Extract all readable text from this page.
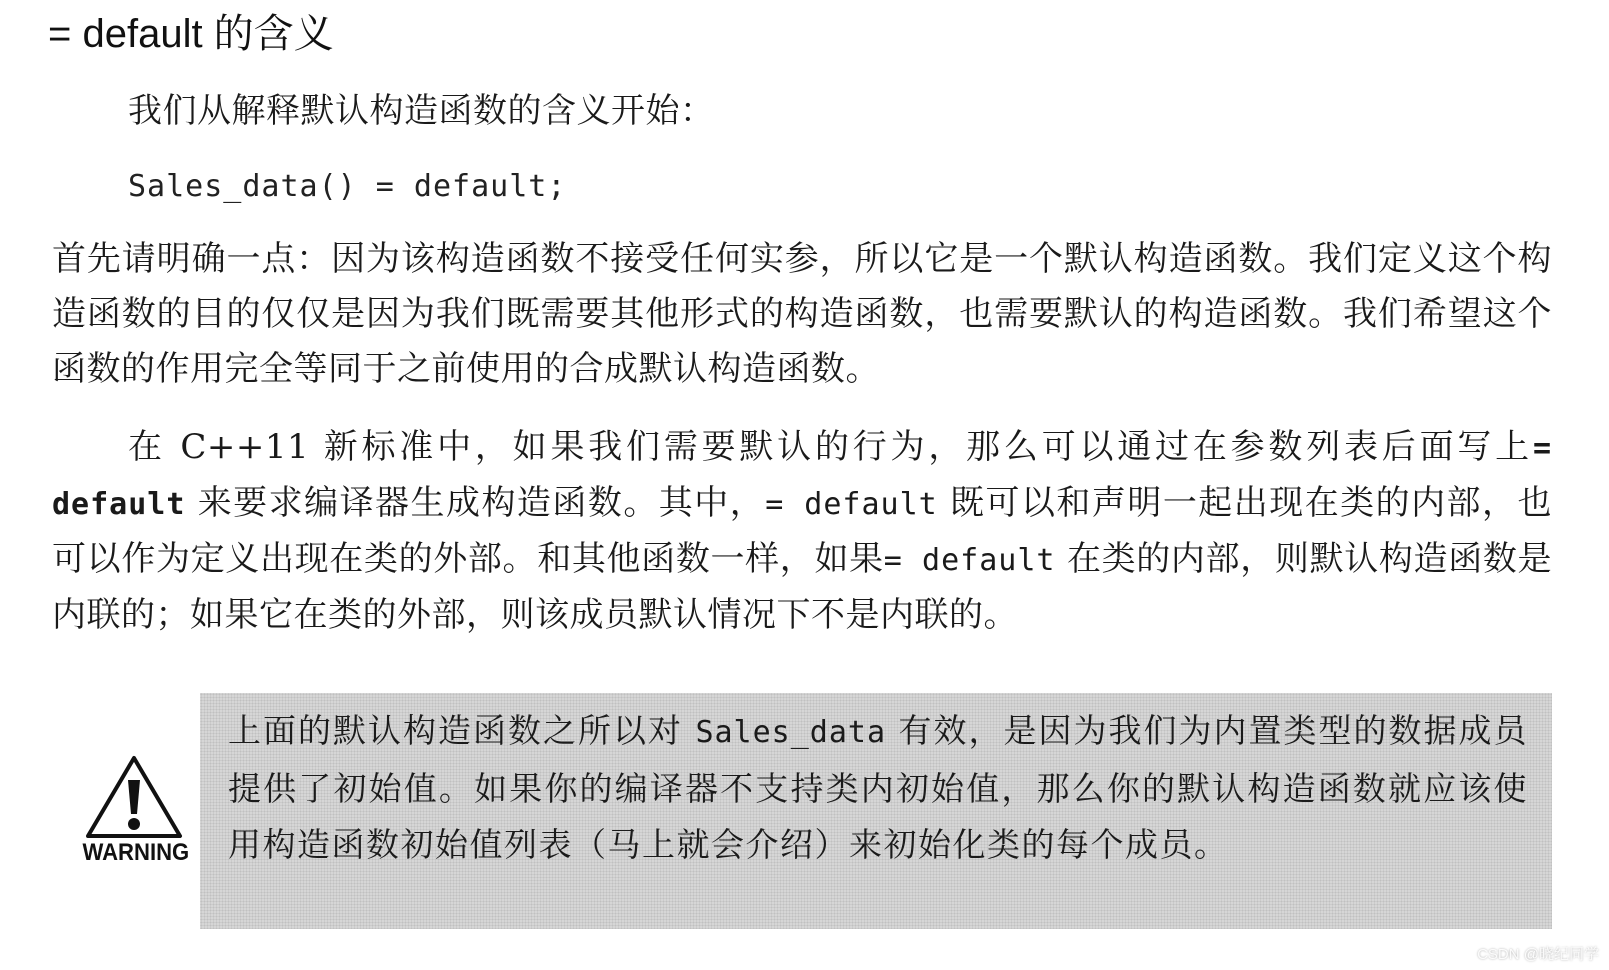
= default 的含义
我们从解释默认构造函数的含义开始：
Sales_data() = default;
首先请明确一点：因为该构造函数不接受任何实参，所以它是一个默认构造函数。我们定义这个构造函数的目的仅仅是因为我们既需要其他形式的构造函数，也需要默认的构造函数。我们希望这个函数的作用完全等同于之前使用的合成默认构造函数。
在 C++11 新标准中，如果我们需要默认的行为，那么可以通过在参数列表后面写上= default 来要求编译器生成构造函数。其中，= default 既可以和声明一起出现在类的内部，也可以作为定义出现在类的外部。和其他函数一样，如果= default 在类的内部，则默认构造函数是内联的；如果它在类的外部，则该成员默认情况下不是内联的。
WARNING
上面的默认构造函数之所以对 Sales_data 有效，是因为我们为内置类型的数据成员提供了初始值。如果你的编译器不支持类内初始值，那么你的默认构造函数就应该使用构造函数初始值列表（马上就会介绍）来初始化类的每个成员。
CSDN @晓纪同学
